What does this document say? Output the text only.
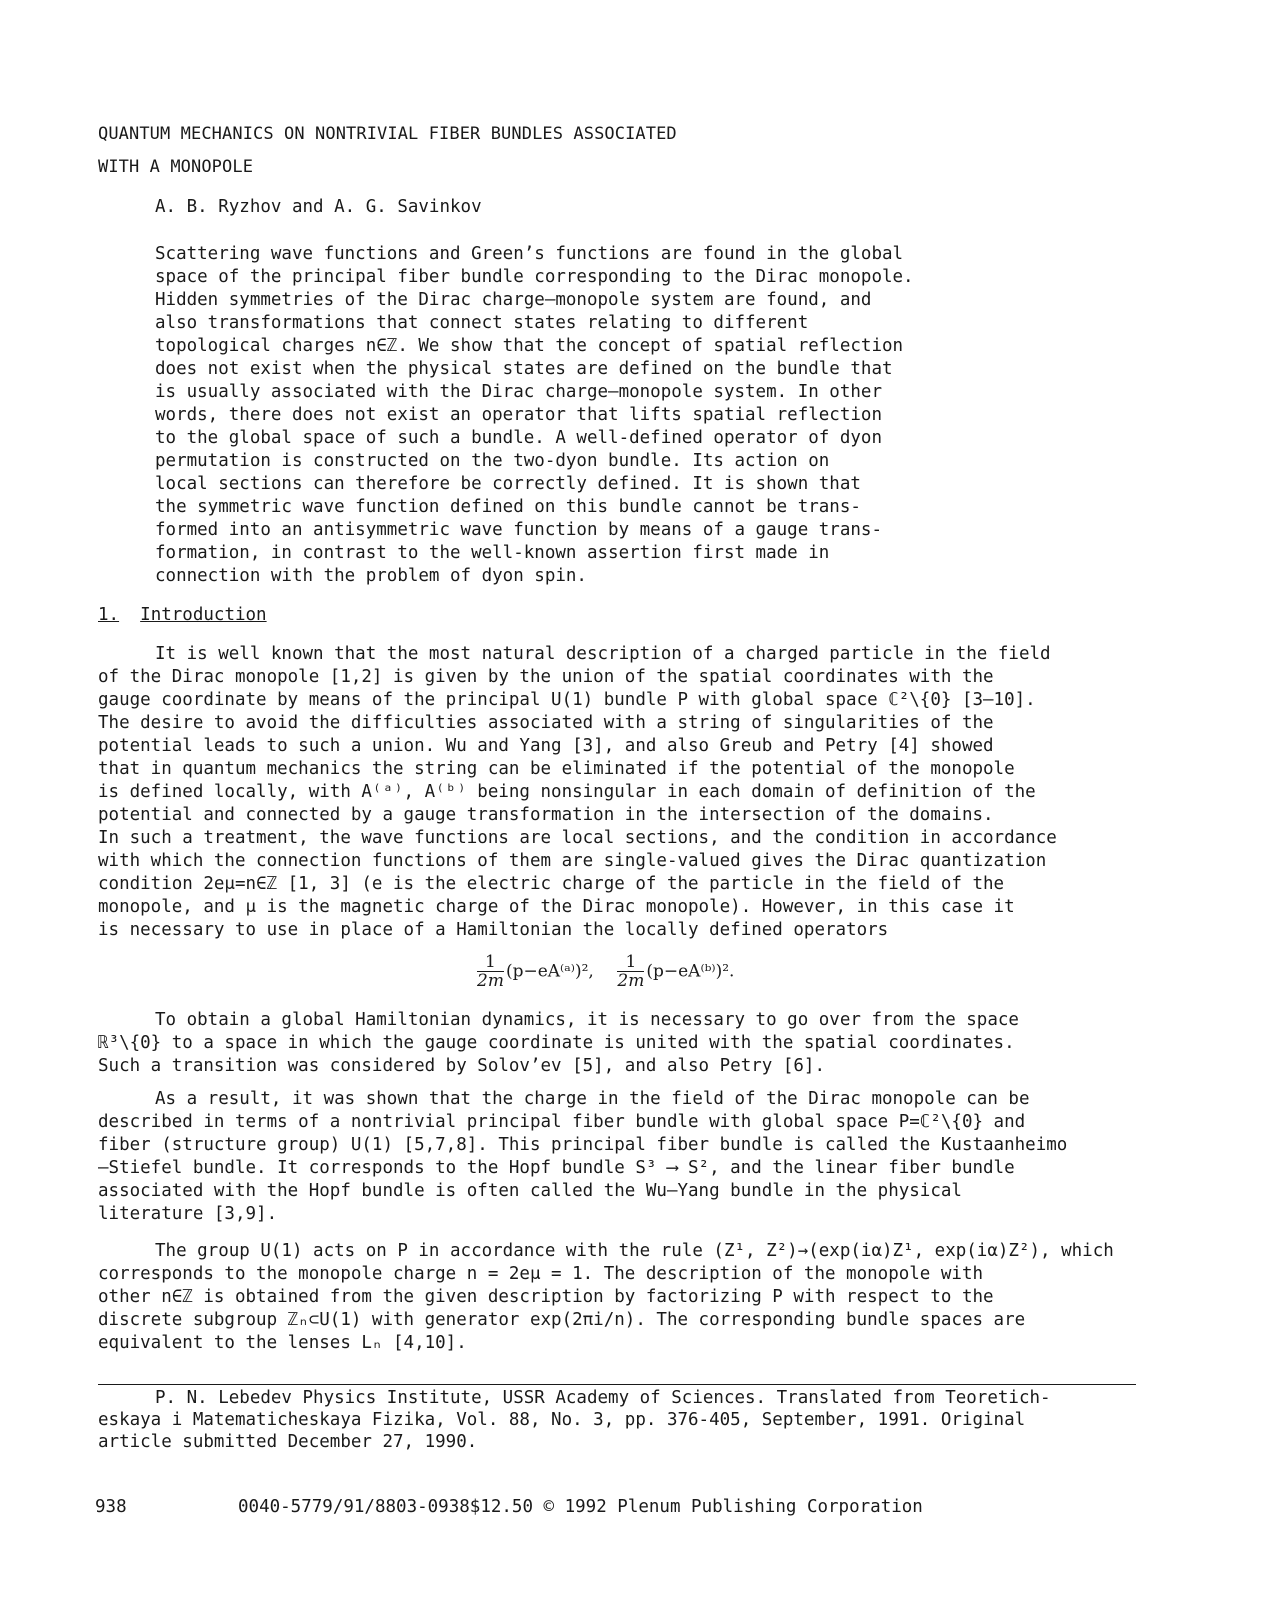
QUANTUM MECHANICS ON NONTRIVIAL FIBER BUNDLES ASSOCIATED
WITH A MONOPOLE
A. B. Ryzhov and A. G. Savinkov
Scattering wave functions and Green’s functions are found in the global
space of the principal fiber bundle corresponding to the Dirac monopole.
Hidden symmetries of the Dirac charge–monopole system are found, and
also transformations that connect states relating to different
topological charges n∈ℤ. We show that the concept of spatial reflection
does not exist when the physical states are defined on the bundle that
is usually associated with the Dirac charge–monopole system. In other
words, there does not exist an operator that lifts spatial reflection
to the global space of such a bundle. A well-defined operator of dyon
permutation is constructed on the two-dyon bundle. Its action on
local sections can therefore be correctly defined. It is shown that
the symmetric wave function defined on this bundle cannot be trans-
formed into an antisymmetric wave function by means of a gauge trans-
formation, in contrast to the well-known assertion first made in
connection with the problem of dyon spin.
1. Introduction
It is well known that the most natural description of a charged particle in the field
of the Dirac monopole [1,2] is given by the union of the spatial coordinates with the
gauge coordinate by means of the principal U(1) bundle P with global space ℂ²\{0} [3–10].
The desire to avoid the difficulties associated with a string of singularities of the
potential leads to such a union. Wu and Yang [3], and also Greub and Petry [4] showed
that in quantum mechanics the string can be eliminated if the potential of the monopole
is defined locally, with A⁽ᵃ⁾, A⁽ᵇ⁾ being nonsingular in each domain of definition of the
potential and connected by a gauge transformation in the intersection of the domains.
In such a treatment, the wave functions are local sections, and the condition in accordance
with which the connection functions of them are single-valued gives the Dirac quantization
condition 2eμ=n∈ℤ [1, 3] (e is the electric charge of the particle in the field of the
monopole, and μ is the magnetic charge of the Dirac monopole). However, in this case it
is necessary to use in place of a Hamiltonian the locally defined operators
$\frac{1}{2m}$ (p−eA⁽ᵃ⁾)², $\frac{1}{2m}$ (p−eA⁽ᵇ⁾)².
To obtain a global Hamiltonian dynamics, it is necessary to go over from the space
ℝ³\{0} to a space in which the gauge coordinate is united with the spatial coordinates.
Such a transition was considered by Solov’ev [5], and also Petry [6].
As a result, it was shown that the charge in the field of the Dirac monopole can be
described in terms of a nontrivial principal fiber bundle with global space P=ℂ²\{0} and
fiber (structure group) U(1) [5,7,8]. This principal fiber bundle is called the Kustaanheimo
–Stiefel bundle. It corresponds to the Hopf bundle S³ ⟶ S², and the linear fiber bundle
associated with the Hopf bundle is often called the Wu–Yang bundle in the physical
literature [3,9].
The group U(1) acts on P in accordance with the rule (Z¹, Z²)→(exp(iα)Z¹, exp(iα)Z²), which
corresponds to the monopole charge n = 2eμ = 1. The description of the monopole with
other n∈ℤ is obtained from the given description by factorizing P with respect to the
discrete subgroup ℤₙ⊂U(1) with generator exp(2πi/n). The corresponding bundle spaces are
equivalent to the lenses Lₙ [4,10].
P. N. Lebedev Physics Institute, USSR Academy of Sciences. Translated from Teoretich-
eskaya i Matematicheskaya Fizika, Vol. 88, No. 3, pp. 376-405, September, 1991. Original
article submitted December 27, 1990.
938	0040-5779/91/8803-0938$12.50 © 1992 Plenum Publishing Corporation
